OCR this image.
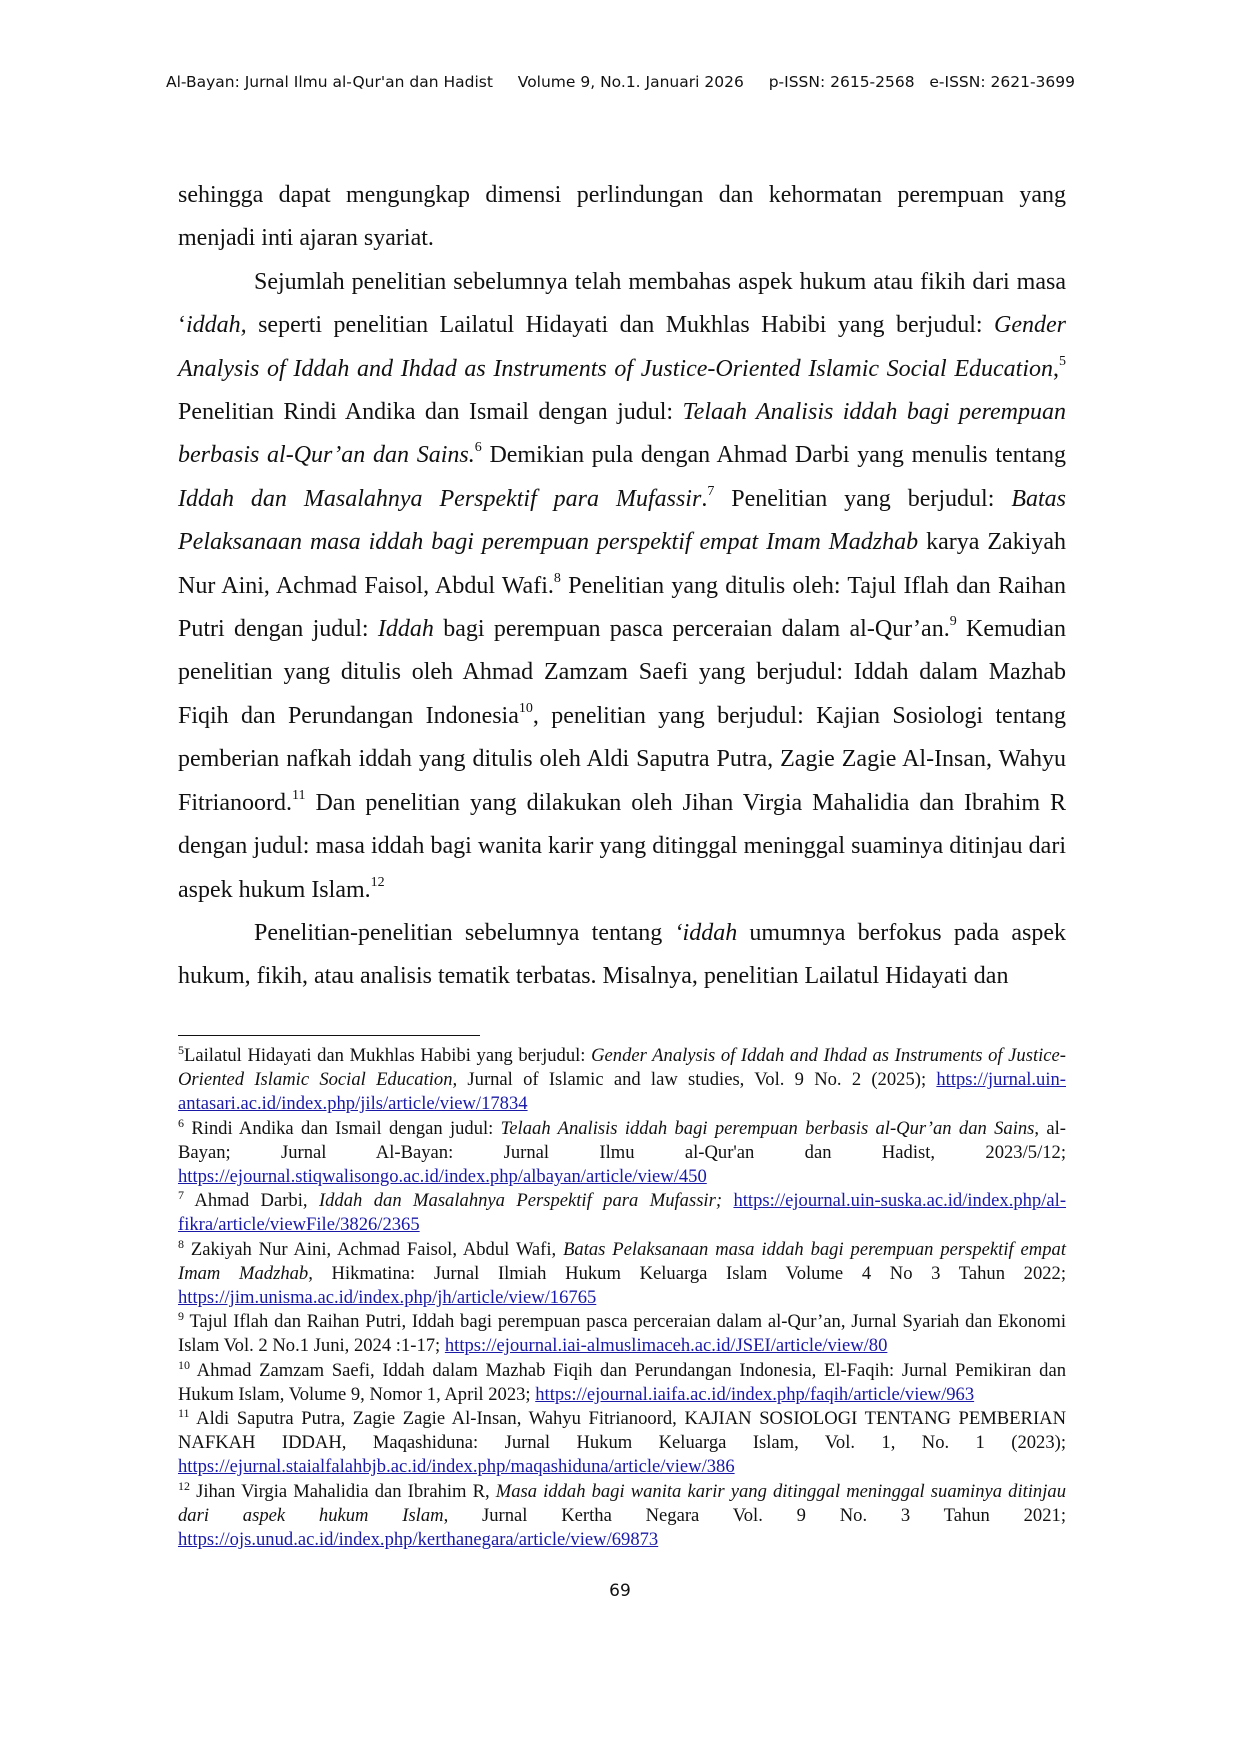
Al-Bayan: Jurnal Ilmu al-Qur'an dan Hadist Volume 9, No.1. Januari 2026 p-ISSN: 2615-2568   e-ISSN: 2621-3699

sehingga dapat mengungkap dimensi perlindungan dan kehormatan perempuan yang menjadi inti ajaran syariat.

Sejumlah penelitian sebelumnya telah membahas aspek hukum atau fikih dari masa ‘iddah, seperti penelitian Lailatul Hidayati dan Mukhlas Habibi yang berjudul: Gender Analysis of Iddah and Ihdad as Instruments of Justice-Oriented Islamic Social Education,$^5$ Penelitian Rindi Andika dan Ismail dengan judul: Telaah Analisis iddah bagi perempuan berbasis al-Qur’an dan Sains.$^6$ Demikian pula dengan Ahmad Darbi yang menulis tentang Iddah dan Masalahnya Perspektif para Mufassir.$^7$ Penelitian yang berjudul: Batas Pelaksanaan masa iddah bagi perempuan perspektif empat Imam Madzhab karya Zakiyah Nur Aini, Achmad Faisol, Abdul Wafi.$^8$ Penelitian yang ditulis oleh: Tajul Iflah dan Raihan Putri dengan judul: Iddah bagi perempuan pasca perceraian dalam al-Qur’an.$^9$ Kemudian penelitian yang ditulis oleh Ahmad Zamzam Saefi yang berjudul: Iddah dalam Mazhab Fiqih dan Perundangan Indonesia$^{10}$, penelitian yang berjudul: Kajian Sosiologi tentang pemberian nafkah iddah yang ditulis oleh Aldi Saputra Putra, Zagie Zagie Al-Insan, Wahyu Fitrianoord.$^{11}$ Dan penelitian yang dilakukan oleh Jihan Virgia Mahalidia dan Ibrahim R dengan judul: masa iddah bagi wanita karir yang ditinggal meninggal suaminya ditinjau dari aspek hukum Islam.$^{12}$

Penelitian-penelitian sebelumnya tentang ‘iddah umumnya berfokus pada aspek hukum, fikih, atau analisis tematik terbatas. Misalnya, penelitian Lailatul Hidayati dan

$^5$Lailatul Hidayati dan Mukhlas Habibi yang berjudul: Gender Analysis of Iddah and Ihdad as Instruments of Justice-Oriented Islamic Social Education, Jurnal of Islamic and law studies, Vol. 9 No. 2 (2025); https://jurnal.uin-antasari.ac.id/index.php/jils/article/view/17834

$^6$ Rindi Andika dan Ismail dengan judul: Telaah Analisis iddah bagi perempuan berbasis al-Qur’an dan Sains, al-Bayan; Jurnal Al-Bayan: Jurnal Ilmu al-Qur'an dan Hadist, 2023/5/12; https://ejournal.stiqwalisongo.ac.id/index.php/albayan/article/view/450

$^7$ Ahmad Darbi, Iddah dan Masalahnya Perspektif para Mufassir; https://ejournal.uin-suska.ac.id/index.php/al-fikra/article/viewFile/3826/2365

$^8$ Zakiyah Nur Aini, Achmad Faisol, Abdul Wafi, Batas Pelaksanaan masa iddah bagi perempuan perspektif empat Imam Madzhab, Hikmatina: Jurnal Ilmiah Hukum Keluarga Islam Volume 4 No 3 Tahun 2022; https://jim.unisma.ac.id/index.php/jh/article/view/16765

$^9$ Tajul Iflah dan Raihan Putri, Iddah bagi perempuan pasca perceraian dalam al-Qur’an, Jurnal Syariah dan Ekonomi Islam Vol. 2 No.1 Juni, 2024 :1-17; https://ejournal.iai-almuslimaceh.ac.id/JSEI/article/view/80

$^{10}$ Ahmad Zamzam Saefi, Iddah dalam Mazhab Fiqih dan Perundangan Indonesia, El-Faqih: Jurnal Pemikiran dan Hukum Islam, Volume 9, Nomor 1, April 2023; https://ejournal.iaifa.ac.id/index.php/faqih/article/view/963

$^{11}$ Aldi Saputra Putra, Zagie Zagie Al-Insan, Wahyu Fitrianoord, KAJIAN SOSIOLOGI TENTANG PEMBERIAN NAFKAH IDDAH, Maqashiduna: Jurnal Hukum Keluarga Islam, Vol. 1, No. 1 (2023); https://ejurnal.staialfalahbjb.ac.id/index.php/maqashiduna/article/view/386

$^{12}$ Jihan Virgia Mahalidia dan Ibrahim R, Masa iddah bagi wanita karir yang ditinggal meninggal suaminya ditinjau dari aspek hukum Islam, Jurnal Kertha Negara Vol. 9 No. 3 Tahun 2021; https://ojs.unud.ac.id/index.php/kerthanegara/article/view/69873

69
